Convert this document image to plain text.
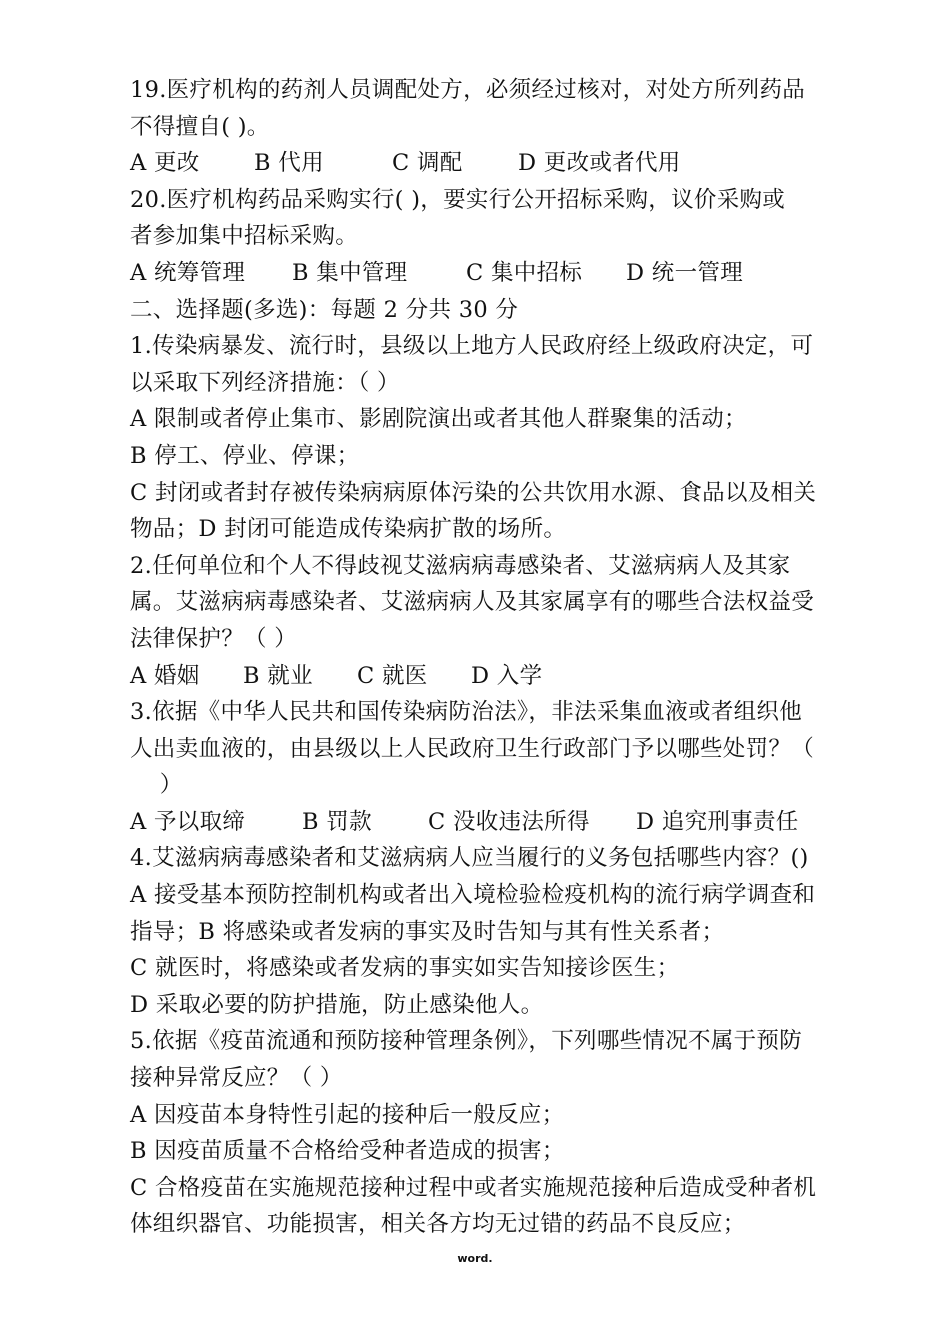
19.医疗机构的药剂人员调配处方，必须经过核对，对处方所列药品
不得擅自( )。
A 更改	B 代用	C 调配	D 更改或者代用
20.医疗机构药品采购实行( )，要实行公开招标采购，议价采购或
者参加集中招标采购。
A 统筹管理	B 集中管理	C 集中招标	D 统一管理
二、选择题(多选)：每题 2 分共 30 分
1.传染病暴发、流行时，县级以上地方人民政府经上级政府决定，可
以采取下列经济措施：（ ）
A 限制或者停止集市、影剧院演出或者其他人群聚集的活动；
B 停工、停业、停课；
C 封闭或者封存被传染病病原体污染的公共饮用水源、食品以及相关
物品；D 封闭可能造成传染病扩散的场所。
2.任何单位和个人不得歧视艾滋病病毒感染者、艾滋病病人及其家
属。艾滋病病毒感染者、艾滋病病人及其家属享有的哪些合法权益受
法律保护？（ ）
A 婚姻	B 就业	C 就医	D 入学
3.依据《中华人民共和国传染病防治法》，非法采集血液或者组织他
人出卖血液的，由县级以上人民政府卫生行政部门予以哪些处罚？（
）
A 予以取缔	B 罚款	C 没收违法所得	D 追究刑事责任
4.艾滋病病毒感染者和艾滋病病人应当履行的义务包括哪些内容？()
A 接受基本预防控制机构或者出入境检验检疫机构的流行病学调查和
指导；B 将感染或者发病的事实及时告知与其有性关系者；
C 就医时，将感染或者发病的事实如实告知接诊医生；
D 采取必要的防护措施，防止感染他人。
5.依据《疫苗流通和预防接种管理条例》，下列哪些情况不属于预防
接种异常反应？（ ）
A 因疫苗本身特性引起的接种后一般反应；
B 因疫苗质量不合格给受种者造成的损害；
C 合格疫苗在实施规范接种过程中或者实施规范接种后造成受种者机
体组织器官、功能损害，相关各方均无过错的药品不良反应；
word.
